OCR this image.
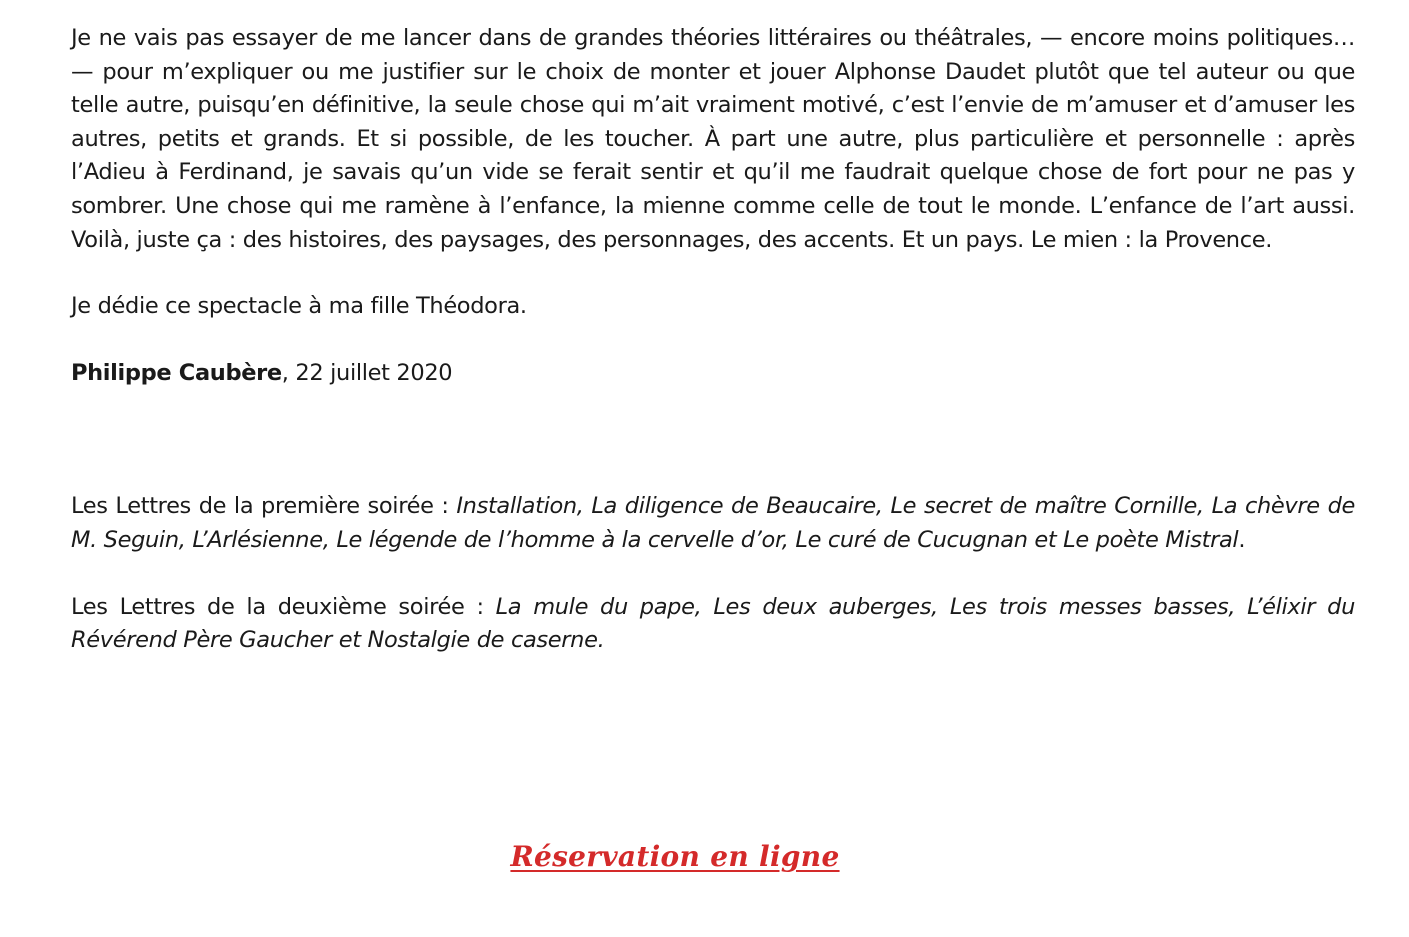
Je ne vais pas essayer de me lancer dans de grandes théories littéraires ou théâtrales, — encore moins politiques…— pour m’expliquer ou me justifier sur le choix de monter et jouer Alphonse Daudet plutôt que tel auteur ou que telle autre, puisqu’en définitive, la seule chose qui m’ait vraiment motivé, c’est l’envie de m’amuser et d’amuser les autres, petits et grands. Et si possible, de les toucher. À part une autre, plus particulière et personnelle : après l’Adieu à Ferdinand, je savais qu’un vide se ferait sentir et qu’il me faudrait quelque chose de fort pour ne pas y sombrer. Une chose qui me ramène à l’enfance, la mienne comme celle de tout le monde. L’enfance de l’art aussi. Voilà, juste ça : des histoires, des paysages, des personnages, des accents. Et un pays. Le mien : la Provence.

Je dédie ce spectacle à ma fille Théodora.

Philippe Caubère, 22 juillet 2020

Les Lettres de la première soirée : Installation, La diligence de Beaucaire, Le secret de maître Cornille, La chèvre de M. Seguin, L’Arlésienne, Le légende de l’homme à la cervelle d’or, Le curé de Cucugnan et Le poète Mistral.

Les Lettres de la deuxième soirée : La mule du pape, Les deux auberges, Les trois messes basses, L’élixir du Révérend Père Gaucher et Nostalgie de caserne.

Réservation en ligne
